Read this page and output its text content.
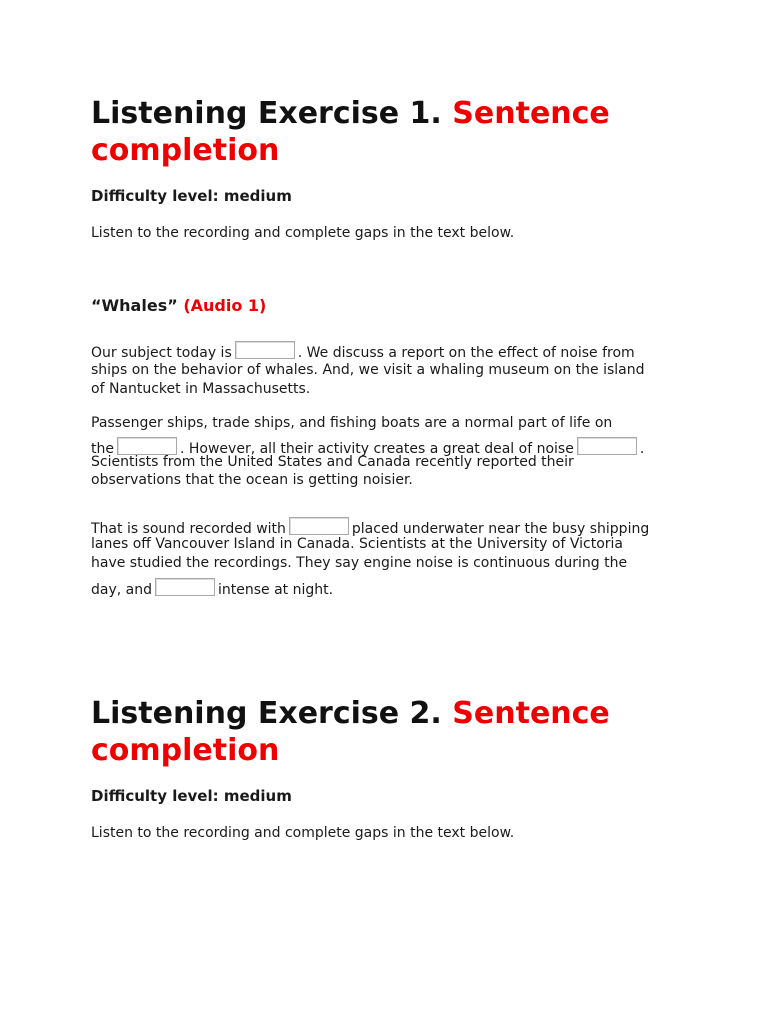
Listening Exercise 1. Sentence
completion

Difficulty level: medium

Listen to the recording and complete gaps in the text below.

“Whales” (Audio 1)

Our subject today is	. We discuss a report on the effect of noise from
ships on the behavior of whales. And, we visit a whaling museum on the island
of Nantucket in Massachusetts.
Passenger ships, trade ships, and fishing boats are a normal part of life on
the	. However, all their activity creates a great deal of noise	.
Scientists from the United States and Canada recently reported their
observations that the ocean is getting noisier.
That is sound recorded with	placed underwater near the busy shipping
lanes off Vancouver Island in Canada. Scientists at the University of Victoria
have studied the recordings. They say engine noise is continuous during the
day, and	intense at night.
Listening Exercise 2. Sentence
completion

Difficulty level: medium

Listen to the recording and complete gaps in the text below.
